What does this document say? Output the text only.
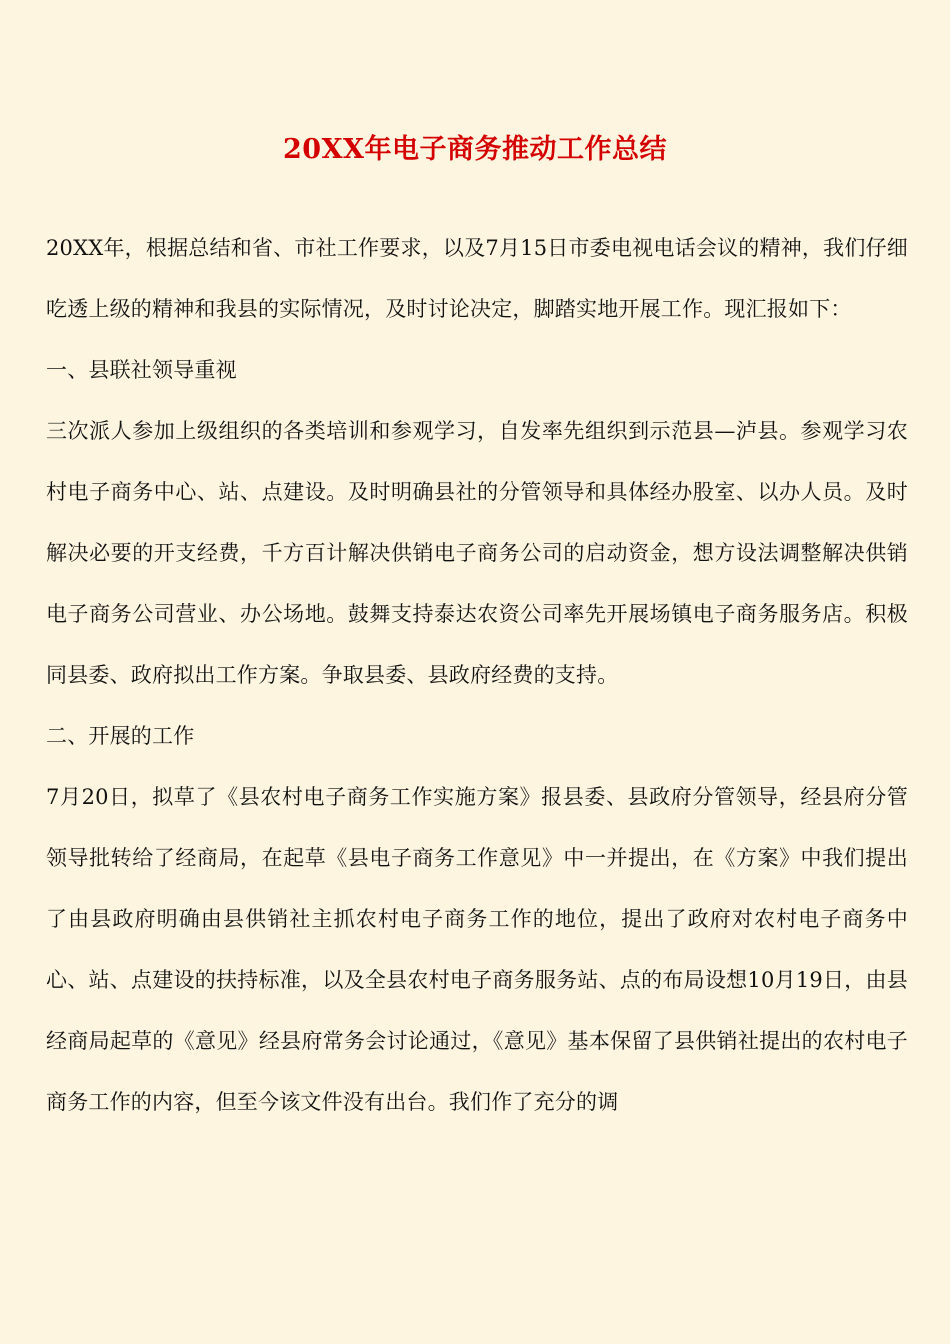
20XX年电子商务推动工作总结

20XX年，根据总结和省、市社工作要求，以及7月15日市委电视电话会议的精神，我们仔细吃透上级的精神和我县的实际情况，及时讨论决定，脚踏实地开展工作。现汇报如下：

一、县联社领导重视

三次派人参加上级组织的各类培训和参观学习，自发率先组织到示范县—泸县。参观学习农村电子商务中心、站、点建设。及时明确县社的分管领导和具体经办股室、以办人员。及时解决必要的开支经费，千方百计解决供销电子商务公司的启动资金，想方设法调整解决供销电子商务公司营业、办公场地。鼓舞支持泰达农资公司率先开展场镇电子商务服务店。积极同县委、政府拟出工作方案。争取县委、县政府经费的支持。

二、开展的工作

7月20日，拟草了《县农村电子商务工作实施方案》报县委、县政府分管领导，经县府分管领导批转给了经商局，在起草《县电子商务工作意见》中一并提出，在《方案》中我们提出了由县政府明确由县供销社主抓农村电子商务工作的地位，提出了政府对农村电子商务中心、站、点建设的扶持标准，以及全县农村电子商务服务站、点的布局设想10月19日，由县经商局起草的《意见》经县府常务会讨论通过，《意见》基本保留了县供销社提出的农村电子商务工作的内容，但至今该文件没有出台。我们作了充分的调
